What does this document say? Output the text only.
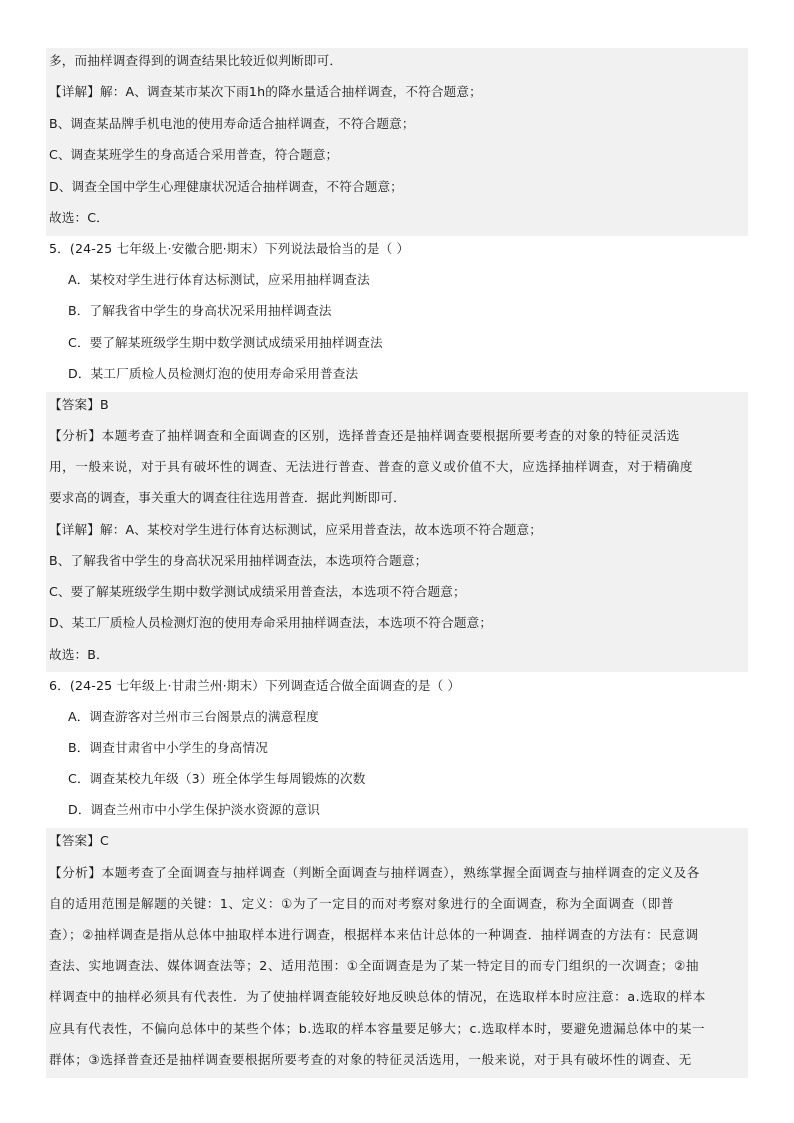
多，而抽样调查得到的调查结果比较近似判断即可．
【详解】解：A、调查某市某次下雨1h的降水量适合抽样调查，不符合题意；
B、调查某品牌手机电池的使用寿命适合抽样调查，不符合题意；
C、调查某班学生的身高适合采用普查，符合题意；
D、调查全国中学生心理健康状况适合抽样调查，不符合题意；
故选：C．
5．(24-25 七年级上·安徽合肥·期末）下列说法最恰当的是（ ）
A．某校对学生进行体育达标测试，应采用抽样调查法
B．了解我省中学生的身高状况采用抽样调查法
C．要了解某班级学生期中数学测试成绩采用抽样调查法
D．某工厂质检人员检测灯泡的使用寿命采用普查法
【答案】B
【分析】本题考查了抽样调查和全面调查的区别，选择普查还是抽样调查要根据所要考查的对象的特征灵活选
用，一般来说，对于具有破坏性的调查、无法进行普查、普查的意义或价值不大，应选择抽样调查，对于精确度
要求高的调查，事关重大的调查往往选用普查．据此判断即可．
【详解】解：A、某校对学生进行体育达标测试，应采用普查法，故本选项不符合题意；
B、了解我省中学生的身高状况采用抽样调查法，本选项符合题意；
C、要了解某班级学生期中数学测试成绩采用普查法，本选项不符合题意；
D、某工厂质检人员检测灯泡的使用寿命采用抽样调查法，本选项不符合题意；
故选：B．
6．(24-25 七年级上·甘肃兰州·期末）下列调查适合做全面调查的是（ ）
A．调查游客对兰州市三台阁景点的满意程度
B．调查甘肃省中小学生的身高情况
C．调查某校九年级（3）班全体学生每周锻炼的次数
D．调查兰州市中小学生保护淡水资源的意识
【答案】C
【分析】本题考查了全面调查与抽样调查（判断全面调查与抽样调查），熟练掌握全面调查与抽样调查的定义及各
自的适用范围是解题的关键：1、定义：①为了一定目的而对考察对象进行的全面调查，称为全面调查（即普
查）；②抽样调查是指从总体中抽取样本进行调查，根据样本来估计总体的一种调查．抽样调查的方法有：民意调
查法、实地调查法、媒体调查法等；2、适用范围：①全面调查是为了某一特定目的而专门组织的一次调查；②抽
样调查中的抽样必须具有代表性．为了使抽样调查能较好地反映总体的情况，在选取样本时应注意：a.选取的样本
应具有代表性，不偏向总体中的某些个体；b.选取的样本容量要足够大；c.选取样本时，要避免遗漏总体中的某一
群体；③选择普查还是抽样调查要根据所要考查的对象的特征灵活选用，一般来说，对于具有破坏性的调查、无
